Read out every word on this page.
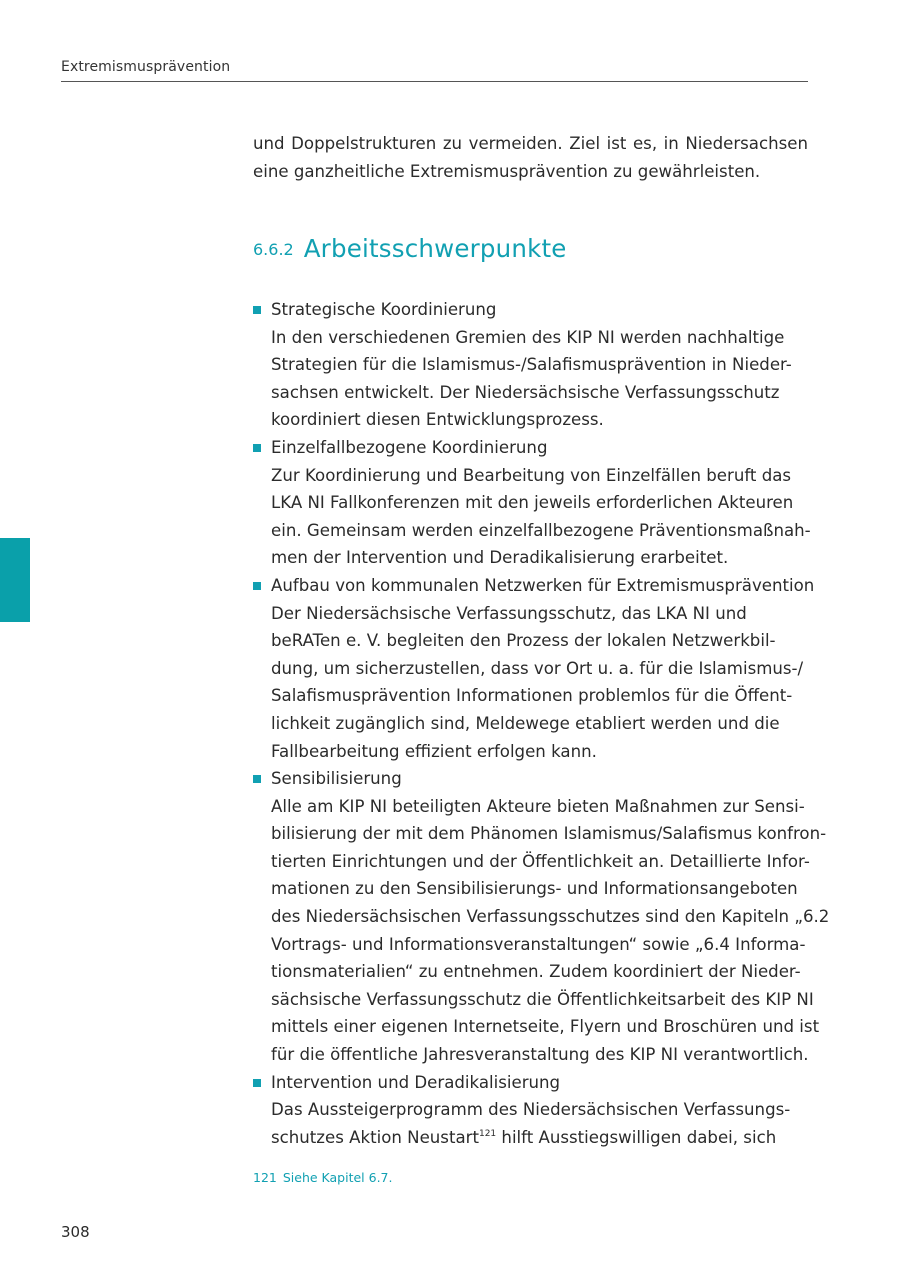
Extremismusprävention
und Doppelstrukturen zu vermeiden. Ziel ist es, in Niedersachsen
eine ganzheitliche Extremismusprävention zu gewährleisten.
6.6.2 Arbeitsschwerpunkte
Strategische Koordinierung
In den verschiedenen Gremien des KIP NI werden nachhaltige
Strategien für die Islamismus-/Salafismusprävention in Nieder-
sachsen entwickelt. Der Niedersächsische Verfassungsschutz
koordiniert diesen Entwicklungsprozess.
Einzelfallbezogene Koordinierung
Zur Koordinierung und Bearbeitung von Einzelfällen beruft das
LKA NI Fallkonferenzen mit den jeweils erforderlichen Akteuren
ein. Gemeinsam werden einzelfallbezogene Präventionsmaßnah-
men der Intervention und Deradikalisierung erarbeitet.
Aufbau von kommunalen Netzwerken für Extremismusprävention
Der Niedersächsische Verfassungsschutz, das LKA NI und
beRATen e. V. begleiten den Prozess der lokalen Netzwerkbil-
dung, um sicherzustellen, dass vor Ort u. a. für die Islamismus-/
Salafismusprävention Informationen problemlos für die Öffent-
lichkeit zugänglich sind, Meldewege etabliert werden und die
Fallbearbeitung effizient erfolgen kann.
Sensibilisierung
Alle am KIP NI beteiligten Akteure bieten Maßnahmen zur Sensi-
bilisierung der mit dem Phänomen Islamismus/Salafismus konfron-
tierten Einrichtungen und der Öffentlichkeit an. Detaillierte Infor-
mationen zu den Sensibilisierungs- und Informationsangeboten
des Niedersächsischen Verfassungsschutzes sind den Kapiteln „6.2
Vortrags- und Informationsveranstaltungen“ sowie „6.4 Informa-
tionsmaterialien“ zu entnehmen. Zudem koordiniert der Nieder-
sächsische Verfassungsschutz die Öffentlichkeitsarbeit des KIP NI
mittels einer eigenen Internetseite, Flyern und Broschüren und ist
für die öffentliche Jahresveranstaltung des KIP NI verantwortlich.
Intervention und Deradikalisierung
Das Aussteigerprogramm des Niedersächsischen Verfassungs-
schutzes Aktion Neustart$^{121}$ hilft Ausstiegswilligen dabei, sich
121 Siehe Kapitel 6.7.
308
